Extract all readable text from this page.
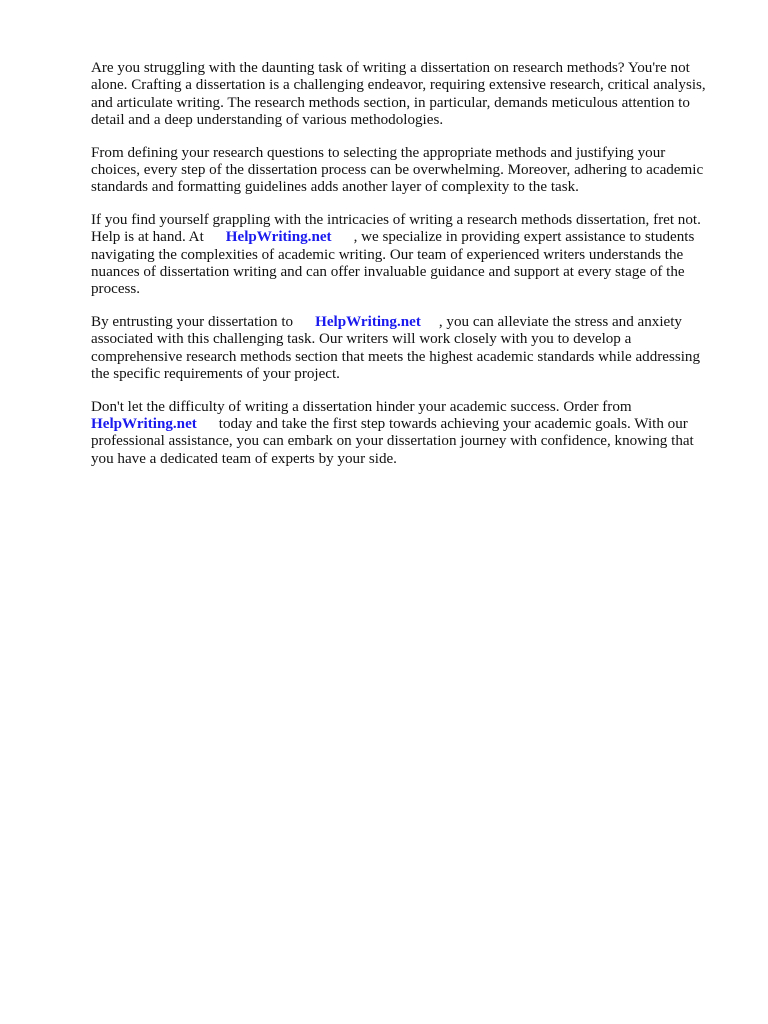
Are you struggling with the daunting task of writing a dissertation on research methods? You're not
alone. Crafting a dissertation is a challenging endeavor, requiring extensive research, critical analysis,
and articulate writing. The research methods section, in particular, demands meticulous attention to
detail and a deep understanding of various methodologies.

From defining your research questions to selecting the appropriate methods and justifying your
choices, every step of the dissertation process can be overwhelming. Moreover, adhering to academic
standards and formatting guidelines adds another layer of complexity to the task.

If you find yourself grappling with the intricacies of writing a research methods dissertation, fret not.
Help is at hand. At HelpWriting.net , we specialize in providing expert assistance to students
navigating the complexities of academic writing. Our team of experienced writers understands the
nuances of dissertation writing and can offer invaluable guidance and support at every stage of the
process.

By entrusting your dissertation to HelpWriting.net , you can alleviate the stress and anxiety
associated with this challenging task. Our writers will work closely with you to develop a
comprehensive research methods section that meets the highest academic standards while addressing
the specific requirements of your project.

Don't let the difficulty of writing a dissertation hinder your academic success. Order from
HelpWriting.net today and take the first step towards achieving your academic goals. With our
professional assistance, you can embark on your dissertation journey with confidence, knowing that
you have a dedicated team of experts by your side.
